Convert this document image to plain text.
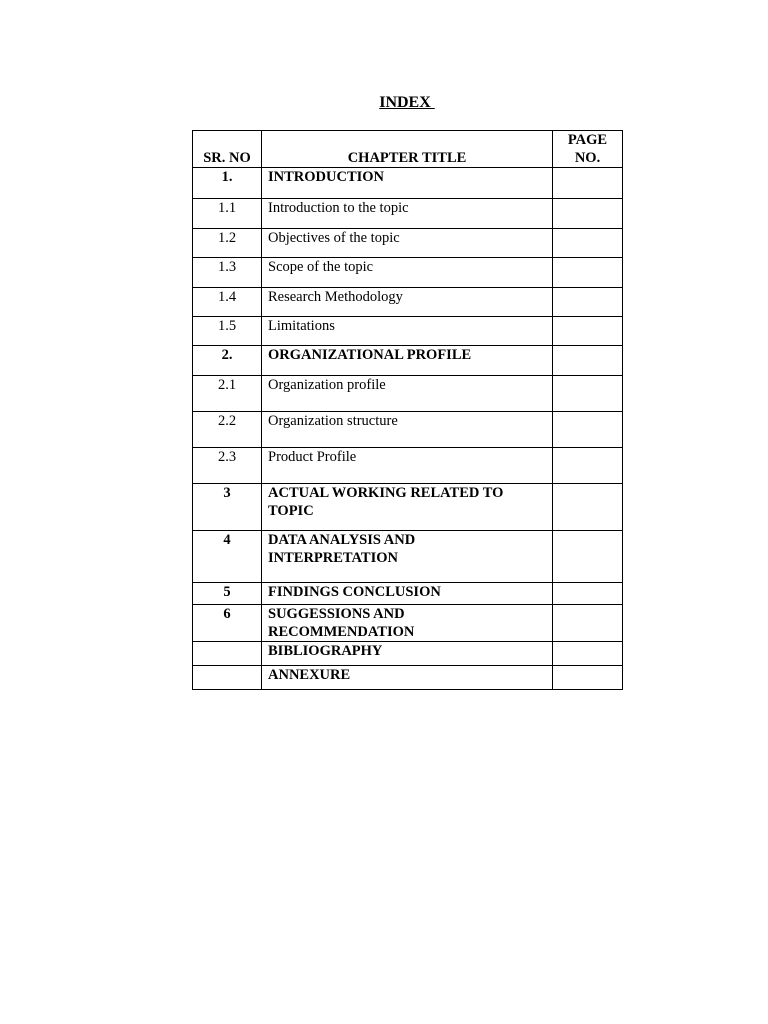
INDEX
SR. NO	CHAPTER TITLE	PAGE NO.
1.	INTRODUCTION	
1.1	Introduction to the topic	
1.2	Objectives of the topic	
1.3	Scope of the topic	
1.4	Research Methodology	
1.5	Limitations	
2.	ORGANIZATIONAL PROFILE	
2.1	Organization profile	
2.2	Organization structure	
2.3	Product Profile	
3	ACTUAL WORKING RELATED TO TOPIC	
4	DATA ANALYSIS AND INTERPRETATION	
5	FINDINGS CONCLUSION	
6	SUGGESSIONS AND RECOMMENDATION	
	BIBLIOGRAPHY	
	ANNEXURE	
